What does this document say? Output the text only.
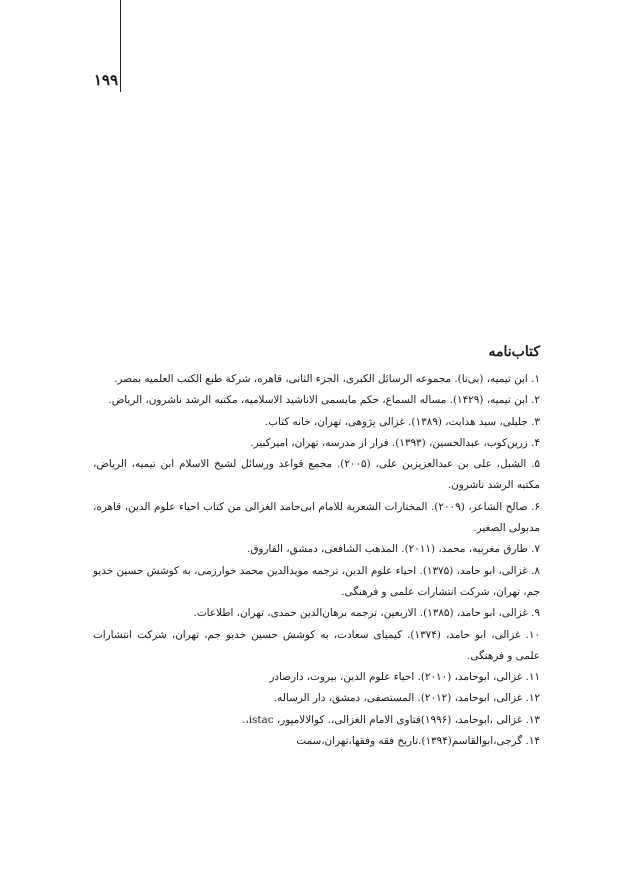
۱۹۹
کتاب‌نامه

۱. ابن تیمیه، (بی‌تا). مجموعه الرسائل الکبری، الجزء الثانی، قاهره، شرکة طبع الکتب العلمیه بمصر.

۲. ابن تیمیه، (۱۴۲۹). مساله السماع، حکم مایسمی الاناشید الاسلامیه، مکتبه الرشد ناشرون، الریاض.

۳. جلیلی، سید هدایت، (۱۳۸۹). غزالی پژوهی، تهران، خانه کتاب.

۴. زرین‌کوب، عبدالحسین، (۱۳۹۳). فرار از مدرسه، تهران، امیرکبیر.

۵. الشبل، علی بن عبدالعزیزبن علی، (۲۰۰۵). مجمع قواعد ورسائل لشیخ الاسلام ابن تیمیه، الریاض، مکتبه الرشد ناشرون.

۶. صالح الشاعر، (۲۰۰۹). المختارات الشعریة للامام ابی‌حامد الغزالی من کتاب احیاء علوم الدین، قاهره، مدبولی الصغیر.

۷. طارق مغربیه، محمد، (۲۰۱۱). المذهب الشافعی، دمشق، الفاروق.

۸. غزالی، ابو حامد، (۱۳۷۵). احیاء علوم الدین، ترجمه موید‌الدین محمد خوارزمی، به کوشش حسین خدیو جم، تهران، شرکت انتشارات علمی و فرهنگی.

۹. غزالی، ابو حامد، (۱۳۸۵). الاربعین، ترجمه برهان‌الدین حمدی، تهران، اطلاعات.

۱۰. غزالی، ابو حامد، (۱۳۷۴). کیمیای سعادت، به کوشش حسین خدیو جم، تهران، شرکت انتشارات علمی و فرهنگی.

۱۱. غزالی، ابوحامد، (۲۰۱۰). احیاء علوم الدین، بیروت، دارصادر

۱۲. غزالی، ابوحامد، (۲۰۱۲). المستصفی، دمشق، دار الرساله.

۱۳. غزالی ،ابوحامد، (۱۹۹۶)فتاوی الامام الغزالی،. کوالالامپور، istac،.

۱۴. گرجی،ابوالقاسم(۱۳۹۴).تاریخ فقه وفقها،تهران،سمت
